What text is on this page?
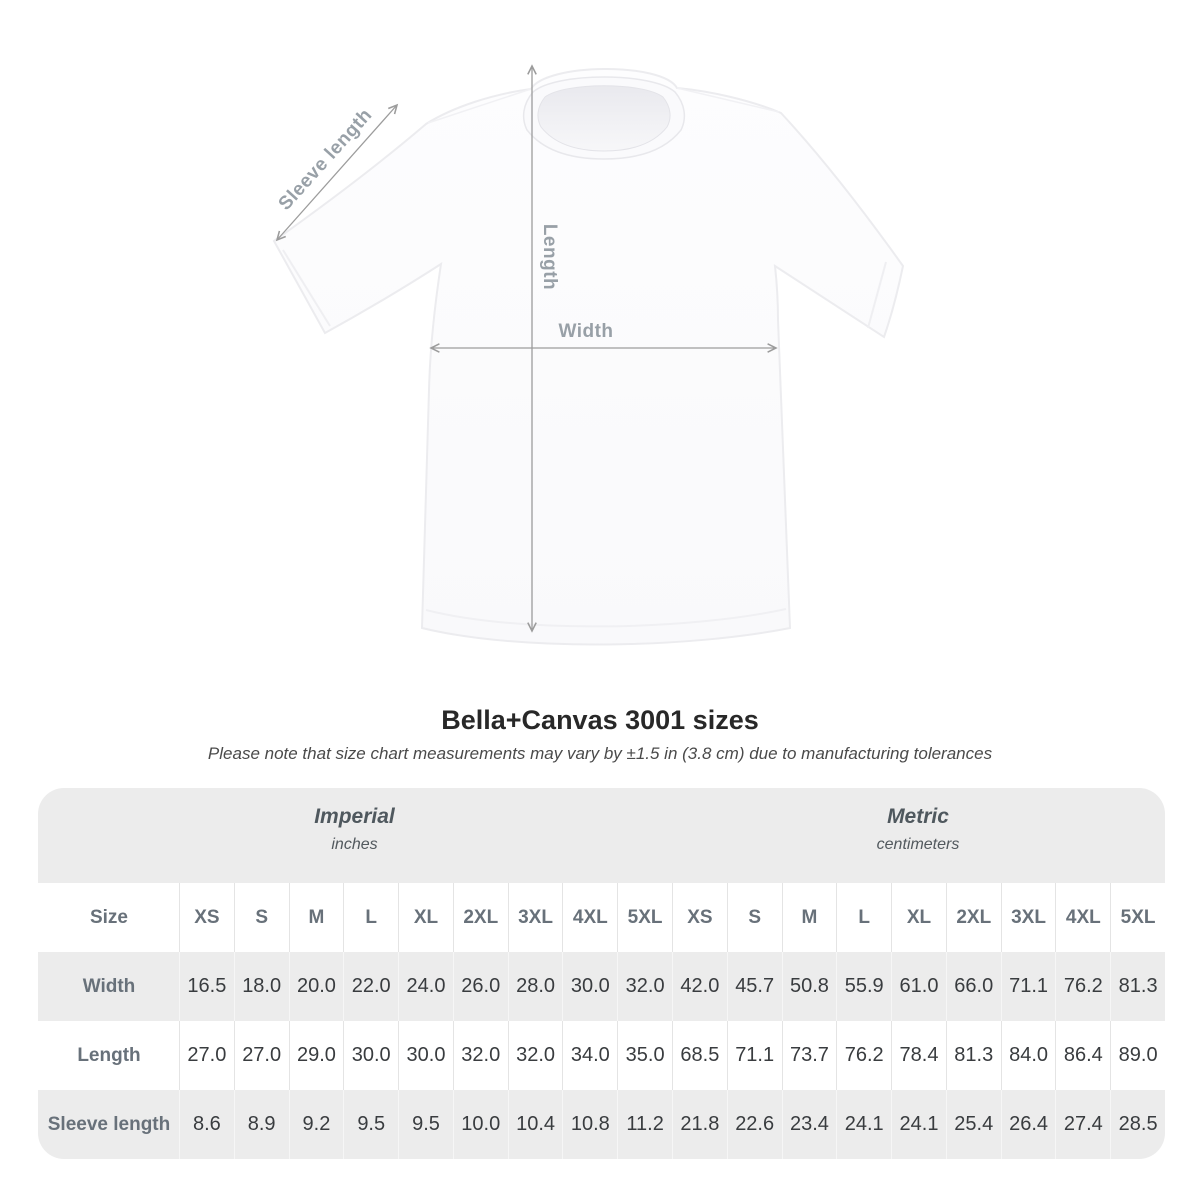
Sleeve length
Length
Width
Bella+Canvas 3001 sizes
Please note that size chart measurements may vary by ±1.5 in (3.8 cm) due to manufacturing tolerances
Imperial
inches
Metric
centimeters
Size	XS	S	M	L	XL	2XL	3XL	4XL	5XL	XS	S	M	L	XL	2XL	3XL	4XL	5XL
Width	16.5 18.0 20.0 22.0 24.0 26.0 28.0 30.0 32.0 42.0 45.7 50.8 55.9 61.0 66.0 71.1 76.2 81.3
Length	27.0 27.0 29.0 30.0 30.0 32.0 32.0 34.0 35.0 68.5 71.1 73.7 76.2 78.4 81.3 84.0 86.4 89.0
Sleeve length	8.6	8.9	9.2	9.5	9.5	10.0 10.4 10.8 11.2 21.8 22.6 23.4 24.1 24.1 25.4 26.4 27.4 28.5
